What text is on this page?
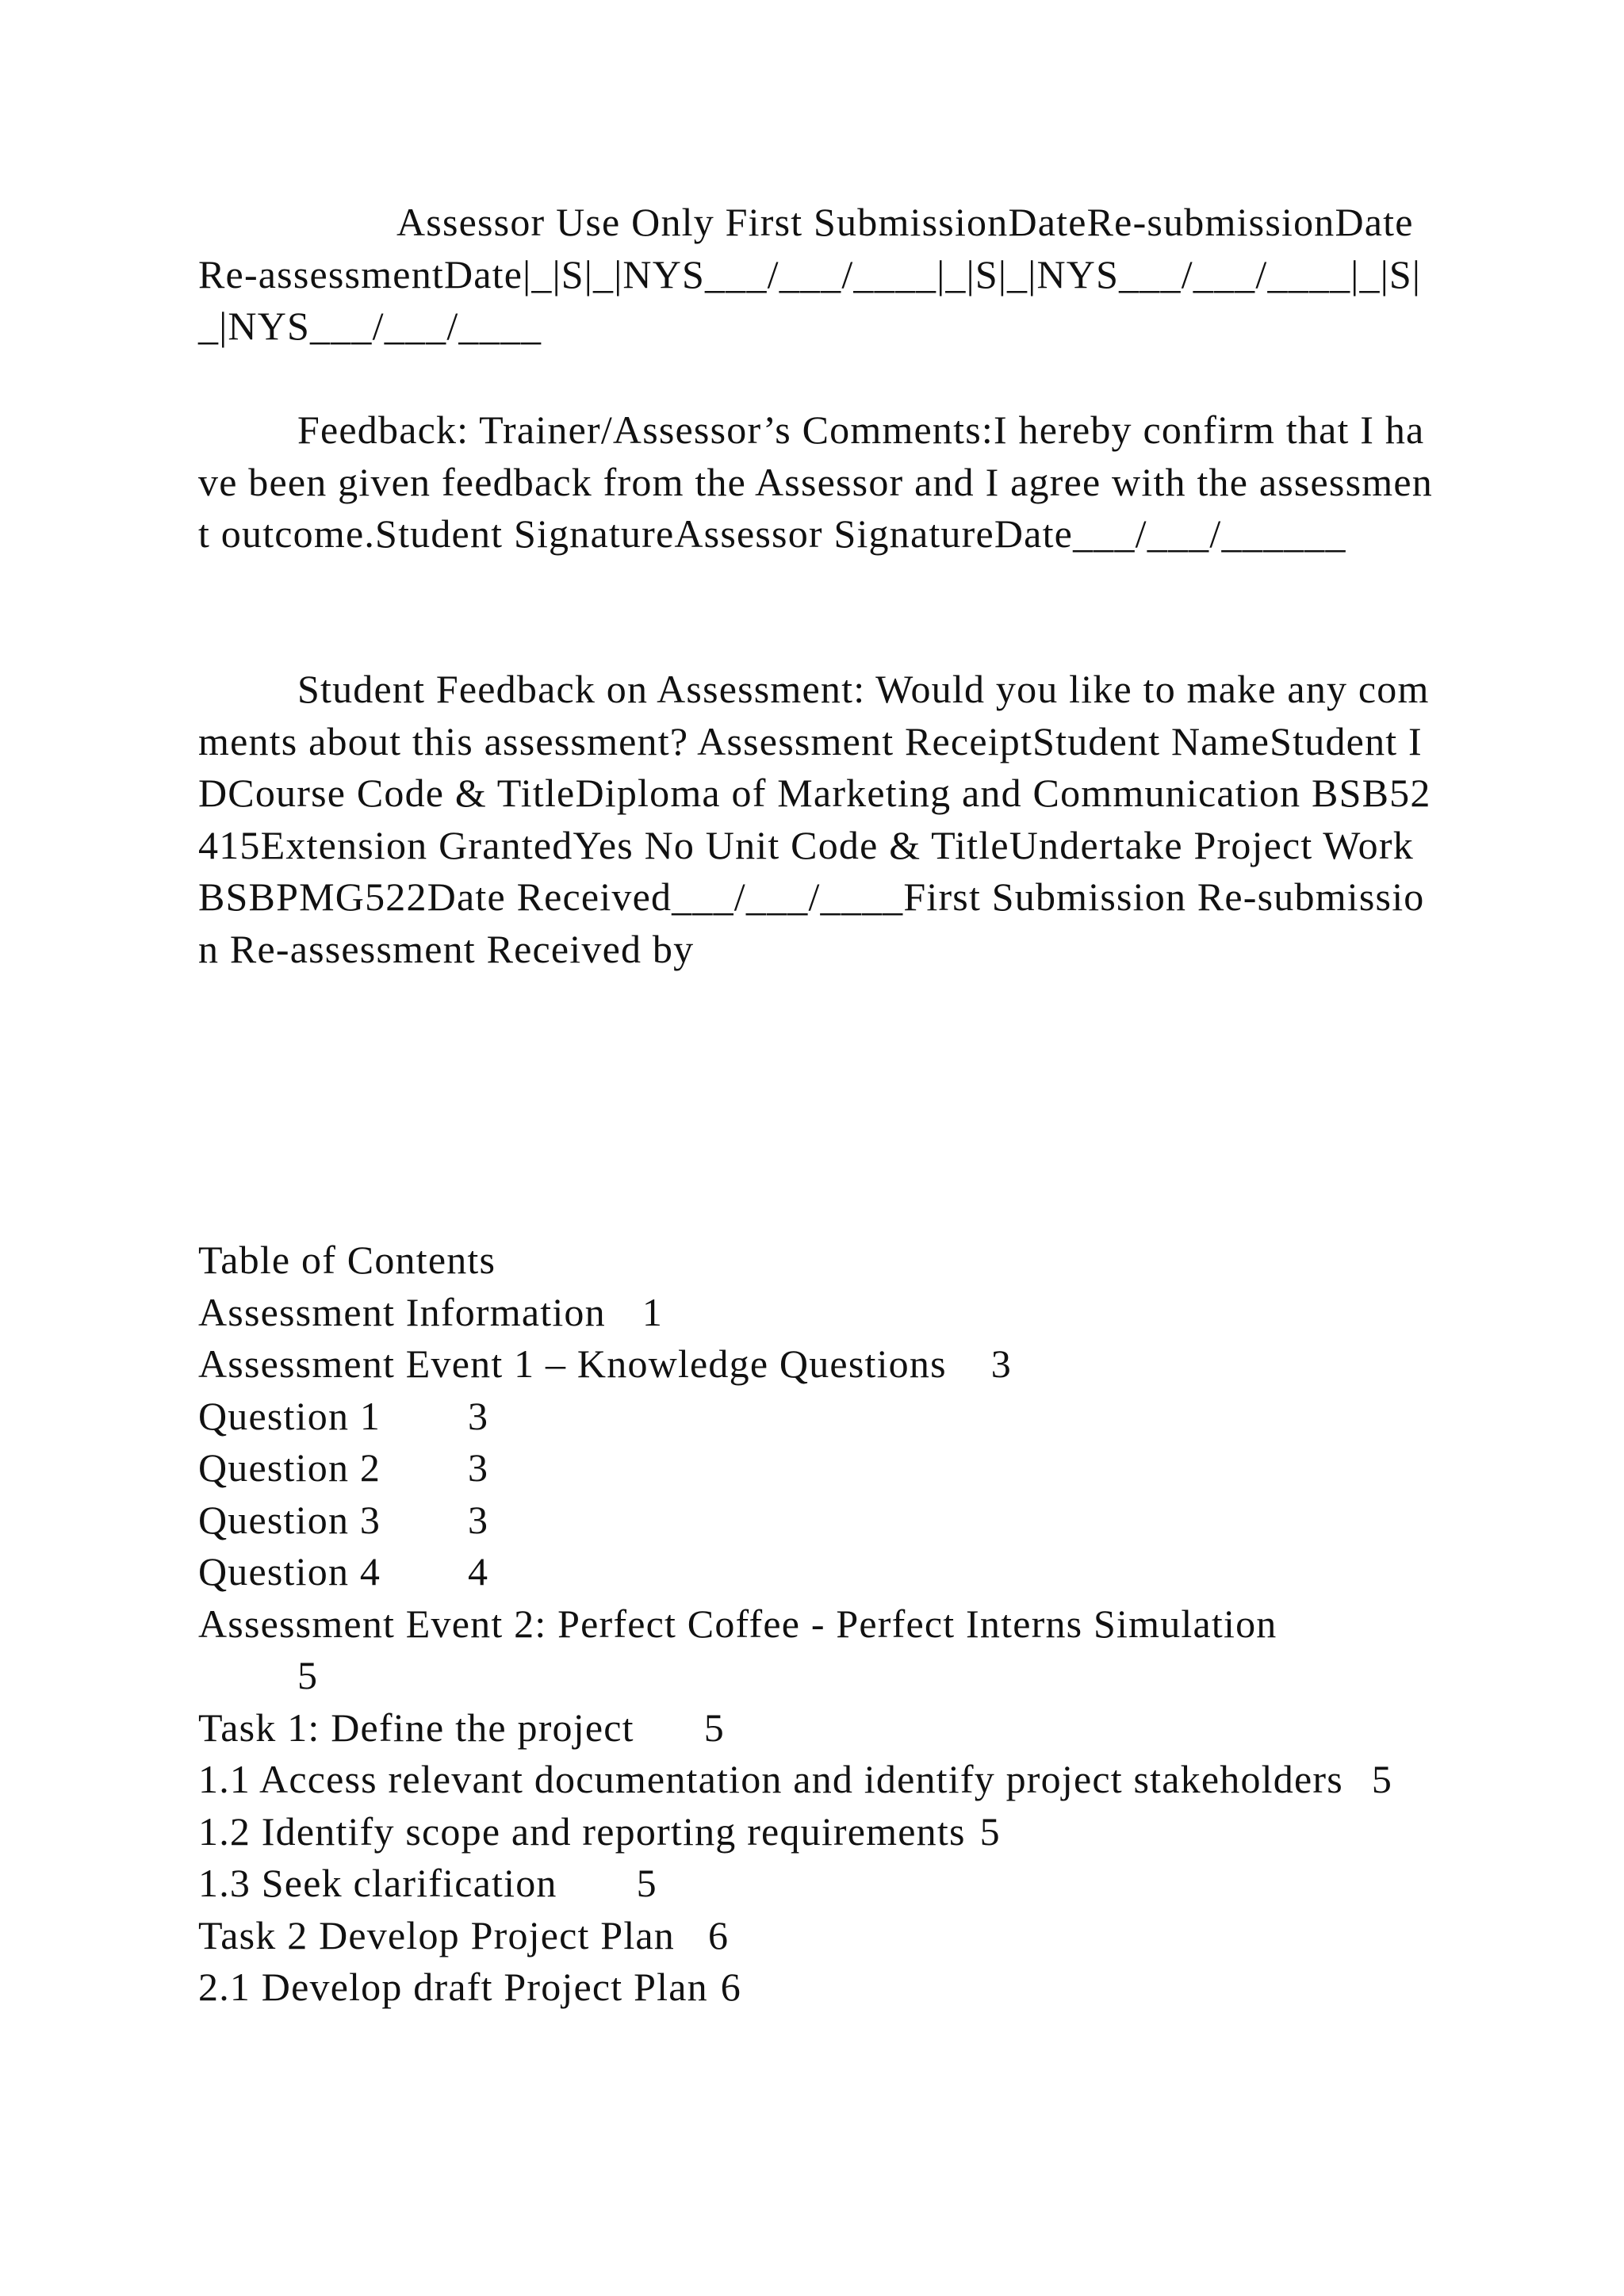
Assessor Use Only First SubmissionDateRe-submissionDateRe-assessmentDate|_|S|_|NYS___/___/____|_|S|_|NYS___/___/____|_|S|_|NYS___/___/____
Feedback: Trainer/Assessor’s Comments:I hereby confirm that I have been given feedback from the Assessor and I agree with the assessment outcome.Student SignatureAssessor SignatureDate___/___/______
Student Feedback on Assessment: Would you like to make any comments about this assessment? Assessment ReceiptStudent NameStudent IDCourse Code & TitleDiploma of Marketing and Communication BSB52415Extension GrantedYes No Unit Code & TitleUndertake Project Work BSBPMG522Date Received___/___/____First Submission Re-submission Re-assessment Received by
Table of Contents
Assessment Information 1
Assessment Event 1 – Knowledge Questions 3
Question 1 3
Question 2 3
Question 3 3
Question 4 4
Assessment Event 2: Perfect Coffee - Perfect Interns Simulation
5
Task 1: Define the project 5
1.1 Access relevant documentation and identify project stakeholders 5
1.2 Identify scope and reporting requirements 5
1.3 Seek clarification 5
Task 2 Develop Project Plan 6
2.1 Develop draft Project Plan 6
